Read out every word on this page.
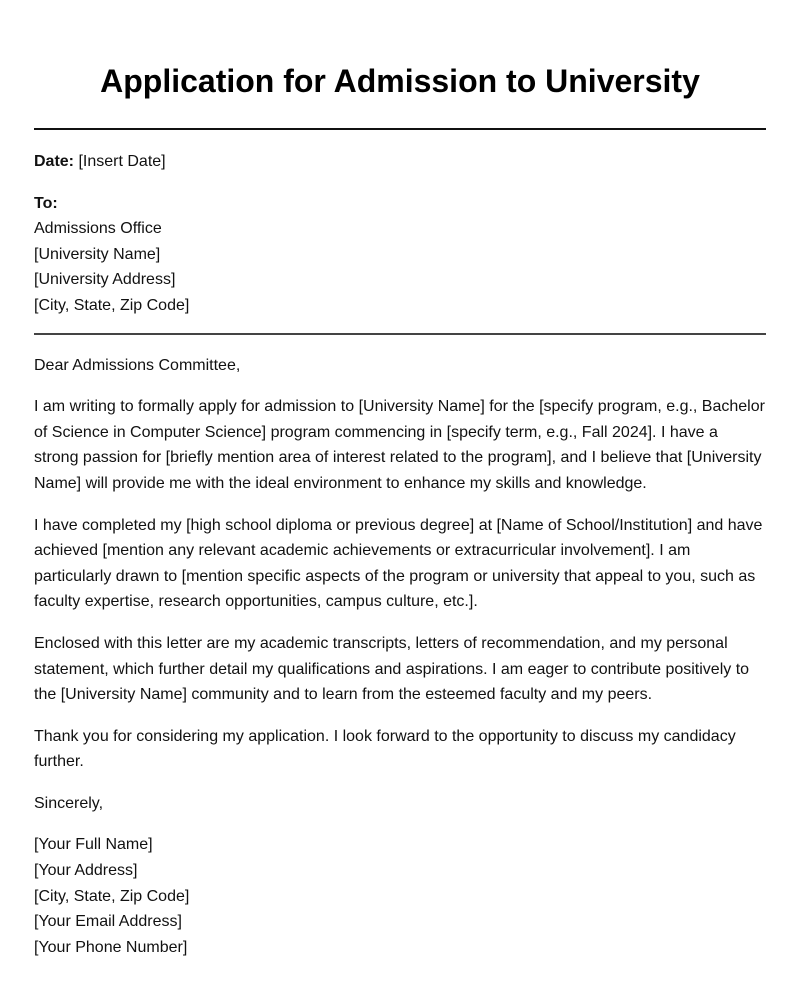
Application for Admission to University

Date: [Insert Date]

To:

Admissions Office

[University Name]

[University Address]

[City, State, Zip Code]

Dear Admissions Committee,

I am writing to formally apply for admission to [University Name] for the [specify program, e.g., Bachelor of Science in Computer Science] program commencing in [specify term, e.g., Fall 2024]. I have a strong passion for [briefly mention area of interest related to the program], and I believe that [University Name] will provide me with the ideal environment to enhance my skills and knowledge.

I have completed my [high school diploma or previous degree] at [Name of School/Institution] and have achieved [mention any relevant academic achievements or extracurricular involvement]. I am particularly drawn to [mention specific aspects of the program or university that appeal to you, such as faculty expertise, research opportunities, campus culture, etc.].

Enclosed with this letter are my academic transcripts, letters of recommendation, and my personal statement, which further detail my qualifications and aspirations. I am eager to contribute positively to the [University Name] community and to learn from the esteemed faculty and my peers.

Thank you for considering my application. I look forward to the opportunity to discuss my candidacy further.

Sincerely,

[Your Full Name]

[Your Address]

[City, State, Zip Code]

[Your Email Address]

[Your Phone Number]
